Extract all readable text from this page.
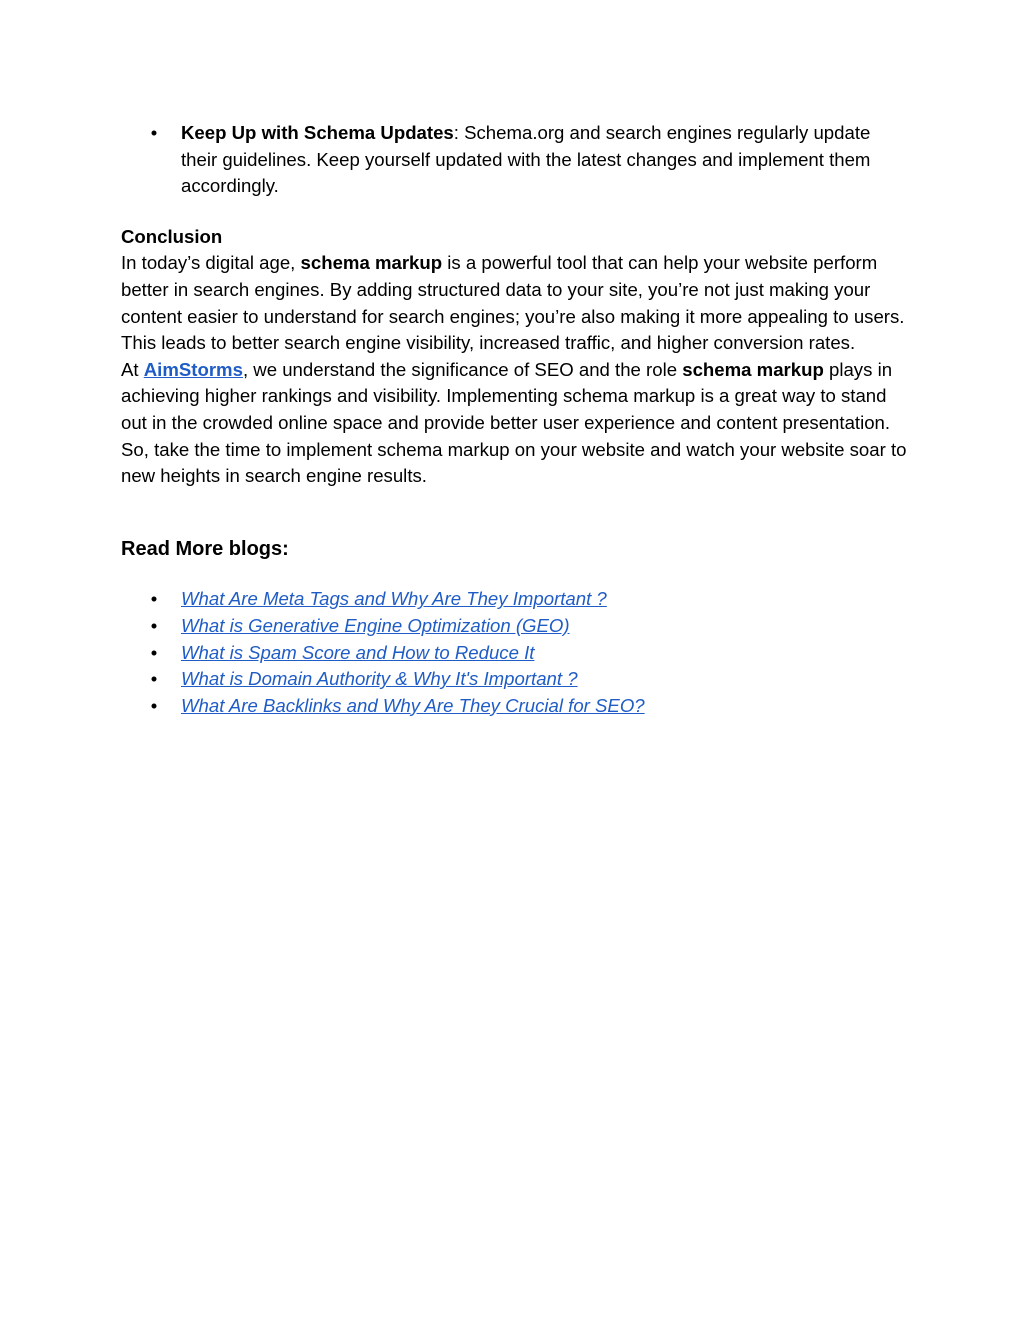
• Keep Up with Schema Updates: Schema.org and search engines regularly update their guidelines. Keep yourself updated with the latest changes and implement them accordingly.
Conclusion

In today’s digital age, schema markup is a powerful tool that can help your website perform better in search engines. By adding structured data to your site, you’re not just making your content easier to understand for search engines; you’re also making it more appealing to users. This leads to better search engine visibility, increased traffic, and higher conversion rates.

At AimStorms, we understand the significance of SEO and the role schema markup plays in achieving higher rankings and visibility. Implementing schema markup is a great way to stand out in the crowded online space and provide better user experience and content presentation.

So, take the time to implement schema markup on your website and watch your website soar to new heights in search engine results.

Read More blogs:
• What Are Meta Tags and Why Are They Important ?
• What is Generative Engine Optimization (GEO)
• What is Spam Score and How to Reduce It
• What is Domain Authority & Why It's Important ?
• What Are Backlinks and Why Are They Crucial for SEO?
